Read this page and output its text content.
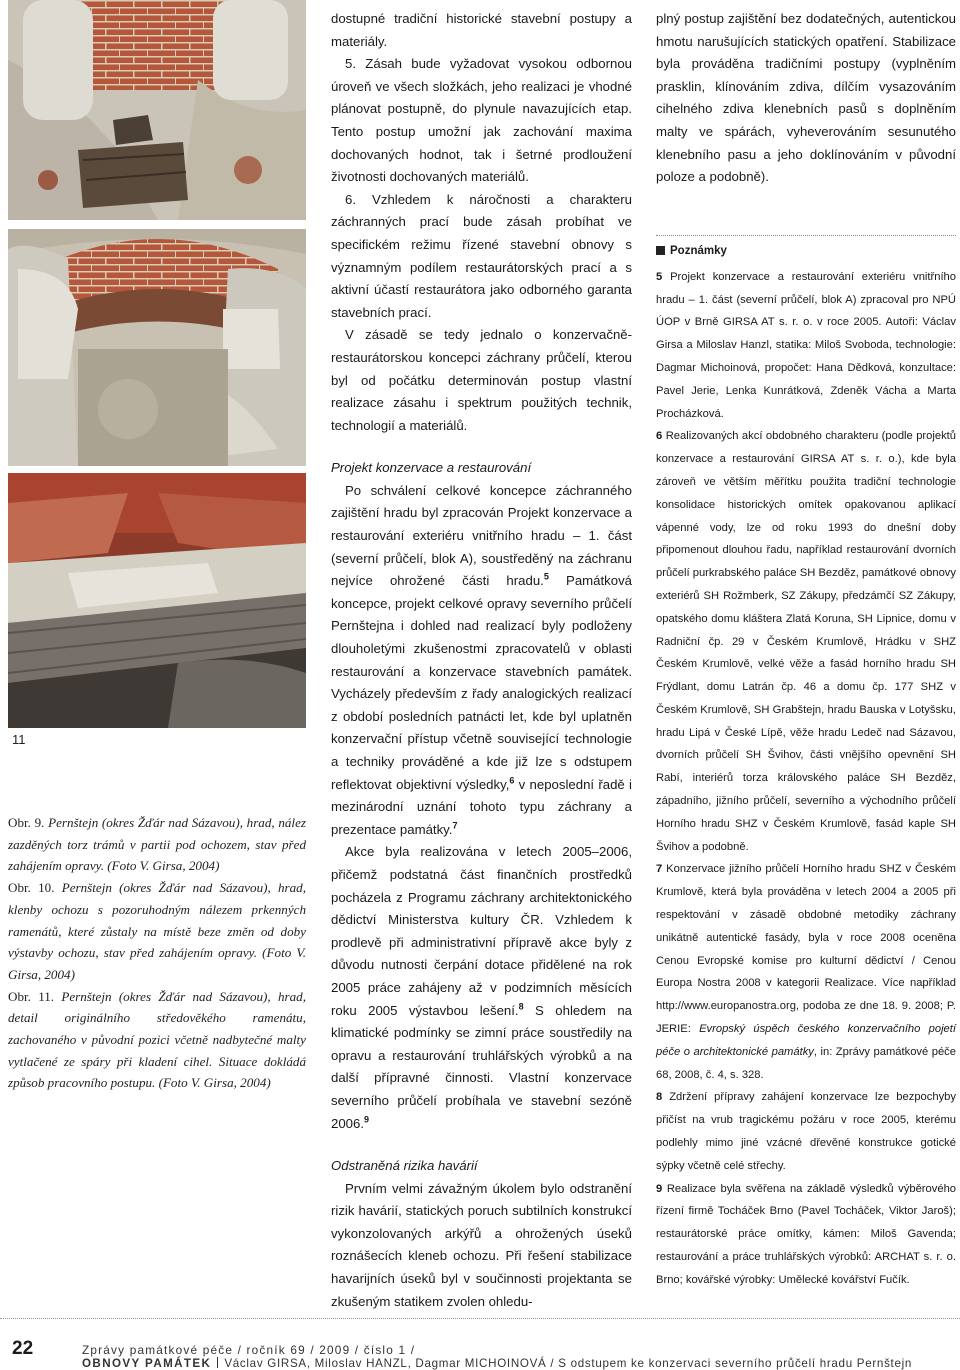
11

Obr. 9. Pernštejn (okres Žďár nad Sázavou), hrad, nález zazděných torz trámů v partii pod ochozem, stav před zahájením opravy. (Foto V. Girsa, 2004)

Obr. 10. Pernštejn (okres Žďár nad Sázavou), hrad, klenby ochozu s pozoruhodným nálezem prkenných ramenátů, které zůstaly na místě beze změn od doby výstavby ochozu, stav před zahájením opravy. (Foto V. Girsa, 2004)

Obr. 11. Pernštejn (okres Žďár nad Sázavou), hrad, detail originálního středověkého ramenátu, zachovaného v původní pozici včetně nadbytečné malty vytlačené ze spáry při kladení cihel. Situace dokládá způsob pracovního postupu. (Foto V. Girsa, 2004)

dostupné tradiční historické stavební postupy a materiály.

5. Zásah bude vyžadovat vysokou odbornou úroveň ve všech složkách, jeho realizaci je vhodné plánovat postupně, do plynule navazujících etap. Tento postup umožní jak zachování maxima dochovaných hodnot, tak i šetrné prodloužení životnosti dochovaných materiálů.

6. Vzhledem k náročnosti a charakteru záchranných prací bude zásah probíhat ve specifickém režimu řízené stavební obnovy s významným podílem restaurátorských prací a s aktivní účastí restaurátora jako odborného garanta stavebních prací.

V zásadě se tedy jednalo o konzervačně-restaurátorskou koncepci záchrany průčelí, kterou byl od počátku determinován postup vlastní realizace zásahu i spektrum použitých technik, technologií a materiálů.

Projekt konzervace a restaurování

Po schválení celkové koncepce záchranného zajištění hradu byl zpracován Projekt konzervace a restaurování exteriéru vnitřního hradu – 1. část (severní průčelí, blok A), soustředěný na záchranu nejvíce ohrožené části hradu.$^5$ Památková koncepce, projekt celkové opravy severního průčelí Pernštejna i dohled nad realizací byly podloženy dlouholetými zkušenostmi zpracovatelů v oblasti restaurování a konzervace stavebních památek. Vycházely především z řady analogických realizací z období posledních patnácti let, kde byl uplatněn konzervační přístup včetně související technologie a techniky prováděné a kde již lze s odstupem reflektovat objektivní výsledky,$^6$ v neposlední řadě i mezinárodní uznání tohoto typu záchrany a prezentace památky.$^7$

Akce byla realizována v letech 2005–2006, přičemž podstatná část finančních prostředků pocházela z Programu záchrany architektonického dědictví Ministerstva kultury ČR. Vzhledem k prodlevě při administrativní přípravě akce byly z důvodu nutnosti čerpání dotace přidělené na rok 2005 práce zahájeny až v podzimních měsících roku 2005 výstavbou lešení.$^8$ S ohledem na klimatické podmínky se zimní práce soustředily na opravu a restaurování truhlářských výrobků a na další přípravné činnosti. Vlastní konzervace severního průčelí probíhala ve stavební sezóně 2006.$^9$

Odstraněná rizika havárií

Prvním velmi závažným úkolem bylo odstranění rizik havárií, statických poruch subtilních konstrukcí vykonzolovaných arkýřů a ohrožených úseků roznášecích kleneb ochozu. Při řešení stabilizace havarijních úseků byl v součinnosti projektanta se zkušeným statikem zvolen ohledu-

plný postup zajištění bez dodatečných, autentickou hmotu narušujících statických opatření. Stabilizace byla prováděna tradičními postupy (vyplněním prasklin, klínováním zdiva, dílčím vysazováním cihelného zdiva klenebních pasů s doplněním malty ve spárách, vyheverováním sesunutého klenebního pasu a jeho doklínováním v původní poloze a podobně).

Poznámky

5 Projekt konzervace a restaurování exteriéru vnitřního hradu – 1. část (severní průčelí, blok A) zpracoval pro NPÚ ÚOP v Brně GIRSA AT s. r. o. v roce 2005. Autoři: Václav Girsa a Miloslav Hanzl, statika: Miloš Svoboda, technologie: Dagmar Michoinová, propočet: Hana Dědková, konzultace: Pavel Jerie, Lenka Kunrátková, Zdeněk Vácha a Marta Procházková.

6 Realizovaných akcí obdobného charakteru (podle projektů konzervace a restaurování GIRSA AT s. r. o.), kde byla zároveň ve větším měřítku použita tradiční technologie konsolidace historických omítek opakovanou aplikací vápenné vody, lze od roku 1993 do dnešní doby připomenout dlouhou řadu, například restaurování dvorních průčelí purkrabského paláce SH Bezděz, památkové obnovy exteriérů SH Rožmberk, SZ Zákupy, předzámčí SZ Zákupy, opatského domu kláštera Zlatá Koruna, SH Lipnice, domu v Radniční čp. 29 v Českém Krumlově, Hrádku v SHZ Českém Krumlově, velké věže a fasád horního hradu SH Frýdlant, domu Latrán čp. 46 a domu čp. 177 SHZ v Českém Krumlově, SH Grabštejn, hradu Bauska v Lotyšsku, hradu Lipá v České Lípě, věže hradu Ledeč nad Sázavou, dvorních průčelí SH Švihov, části vnějšího opevnění SH Rabí, interiérů torza královského paláce SH Bezděz, západního, jižního průčelí, severního a východního průčelí Horního hradu SHZ v Českém Krumlově, fasád kaple SH Švihov a podobně.

7 Konzervace jižního průčelí Horního hradu SHZ v Českém Krumlově, která byla prováděna v letech 2004 a 2005 při respektování v zásadě obdobné metodiky záchrany unikátně autentické fasády, byla v roce 2008 oceněna Cenou Evropské komise pro kulturní dědictví / Cenou Europa Nostra 2008 v kategorii Realizace. Více například http://www.europanostra.org, podoba ze dne 18. 9. 2008; P. JERIE: Evropský úspěch českého konzervačního pojetí péče o architektonické památky, in: Zprávy památkové péče 68, 2008, č. 4, s. 328.

8 Zdržení přípravy zahájení konzervace lze bezpochyby přičíst na vrub tragickému požáru v roce 2005, kterému podlehly mimo jiné vzácné dřevěné konstrukce gotické sýpky včetně celé střechy.

9 Realizace byla svěřena na základě výsledků výběrového řízení firmě Tocháček Brno (Pavel Tocháček, Viktor Jaroš); restaurátorské práce omítky, kámen: Miloš Gavenda; restaurování a práce truhlářských výrobků: ARCHAT s. r. o. Brno; kovářské výrobky: Umělecké kovářství Fučík.

22	Zprávy památkové péče / ročník 69 / 2009 / číslo 1 /
OBNOVY PAMÁTEK Václav GIRSA, Miloslav HANZL, Dagmar MICHOINOVÁ / S odstupem ke konzervaci severního průčelí hradu Pernštejn
